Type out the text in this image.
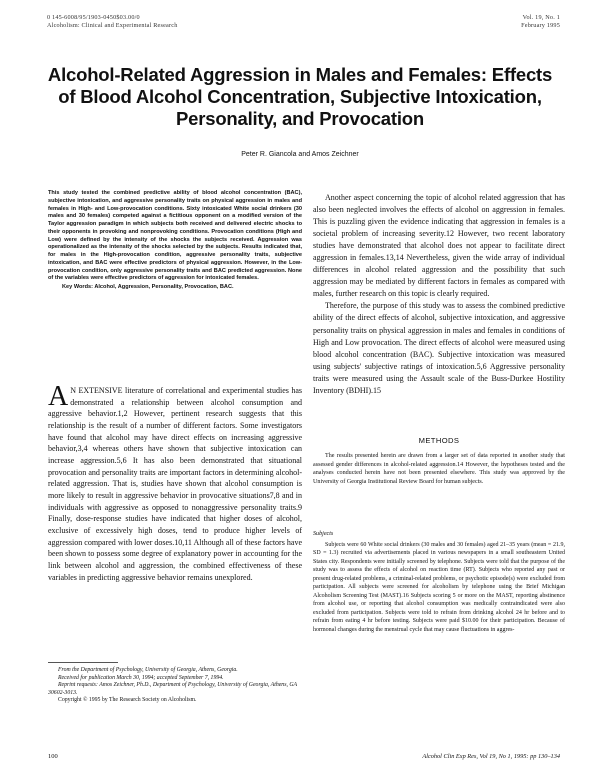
0 145-6008/95/1903-0450$03.00/0
Alcoholism: Clinical and Experimental Research
Vol. 19, No. 1
February 1995
Alcohol-Related Aggression in Males and Females: Effects of Blood Alcohol Concentration, Subjective Intoxication, Personality, and Provocation
Peter R. Giancola and Amos Zeichner
This study tested the combined predictive ability of blood alcohol concentration (BAC), subjective intoxication, and aggressive personality traits on physical aggression in males and females in High- and Low-provocation conditions. Sixty intoxicated White social drinkers (30 males and 30 females) competed against a fictitious opponent on a modified version of the Taylor aggression paradigm in which subjects both received and delivered electric shocks to their opponents in provoking and nonprovoking conditions. Provocation conditions (High and Low) were defined by the intensity of the shocks the subjects received. Aggression was operationalized as the intensity of the shocks selected by the subjects. Results indicated that, for males in the High-provocation condition, aggressive personality traits, subjective intoxication, and BAC were effective predictors of physical aggression. However, in the Low-provocation condition, only aggressive personality traits and BAC predicted aggression. None of the variables were effective predictors of aggression for intoxicated females.
Key Words: Alcohol, Aggression, Personality, Provocation, BAC.
A N EXTENSIVE literature of correlational and experimental studies has demonstrated a relationship between alcohol consumption and aggressive behavior.1,2 However, pertinent research suggests that this relationship is the result of a number of different factors. Some investigators have found that alcohol may have direct effects on increasing aggressive behavior,3,4 whereas others have shown that subjective intoxication can increase aggression.5,6 It has also been demonstrated that situational provocation and personality traits are important factors in determining alcohol-related aggression. That is, studies have shown that alcohol consumption is more likely to result in aggressive behavior in provocative situations7,8 and in individuals with aggressive as opposed to nonaggressive personality traits.9 Finally, dose-response studies have indicated that higher doses of alcohol, exclusive of excessively high doses, tend to produce higher levels of aggression compared with lower doses.10,11 Although all of these factors have been shown to possess some degree of explanatory power in accounting for the link between alcohol and aggression, the combined effectiveness of these variables in predicting aggressive behavior remains unexplored.

From the Department of Psychology, University of Georgia, Athens, Georgia.

Received for publication March 30, 1994; accepted September 7, 1994.

Reprint requests: Amos Zeichner, Ph.D., Department of Psychology, University of Georgia, Athens, GA 30602-3013.

Copyright © 1995 by The Research Society on Alcoholism.

Another aspect concerning the topic of alcohol related aggression that has also been neglected involves the effects of alcohol on aggression in females. This is puzzling given the evidence indicating that aggression in females is a societal problem of increasing severity.12 However, two recent laboratory studies have demonstrated that alcohol does not appear to facilitate direct aggression in females.13,14 Nevertheless, given the wide array of individual differences in alcohol related aggression and the possibility that such aggression may be mediated by different factors in females as compared with males, further research on this topic is clearly required.

Therefore, the purpose of this study was to assess the combined predictive ability of the direct effects of alcohol, subjective intoxication, and aggressive personality traits on physical aggression in males and females in conditions of High and Low provocation. The direct effects of alcohol were measured using blood alcohol concentration (BAC). Subjective intoxication was measured using subjects' subjective ratings of intoxication.5,6 Aggressive personality traits were measured using the Assault scale of the Buss-Durkee Hostility Inventory (BDHI).15

METHODS
The results presented herein are drawn from a larger set of data reported in another study that assessed gender differences in alcohol-related aggression.14 However, the hypotheses tested and the analyses conducted herein have not been presented elsewhere. This study was approved by the University of Georgia Institutional Review Board for human subjects.
Subjects
Subjects were 60 White social drinkers (30 males and 30 females) aged 21–35 years (mean = 21.9, SD = 1.3) recruited via advertisements placed in various newspapers in a small southeastern United States city. Respondents were initially screened by telephone. Subjects were told that the purpose of the study was to assess the effects of alcohol on reaction time (RT). Subjects who reported any past or present drug-related problems, a criminal-related problems, or psychotic episode(s) were excluded from participation. All subjects were screened for alcoholism by telephone using the Brief Michigan Alcoholism Screening Test (MAST).16 Subjects scoring 5 or more on the MAST, reporting abstinence from alcohol use, or reporting that alcohol consumption was medically contraindicated were also excluded from participation. Subjects were told to refrain from drinking alcohol 24 hr before and to refrain from eating 4 hr before testing. Subjects were paid $10.00 for their participation. Because of hormonal changes during the menstrual cycle that may cause fluctuations in aggres-
100	Alcohol Clin Exp Res, Vol 19, No 1, 1995: pp 130–134
